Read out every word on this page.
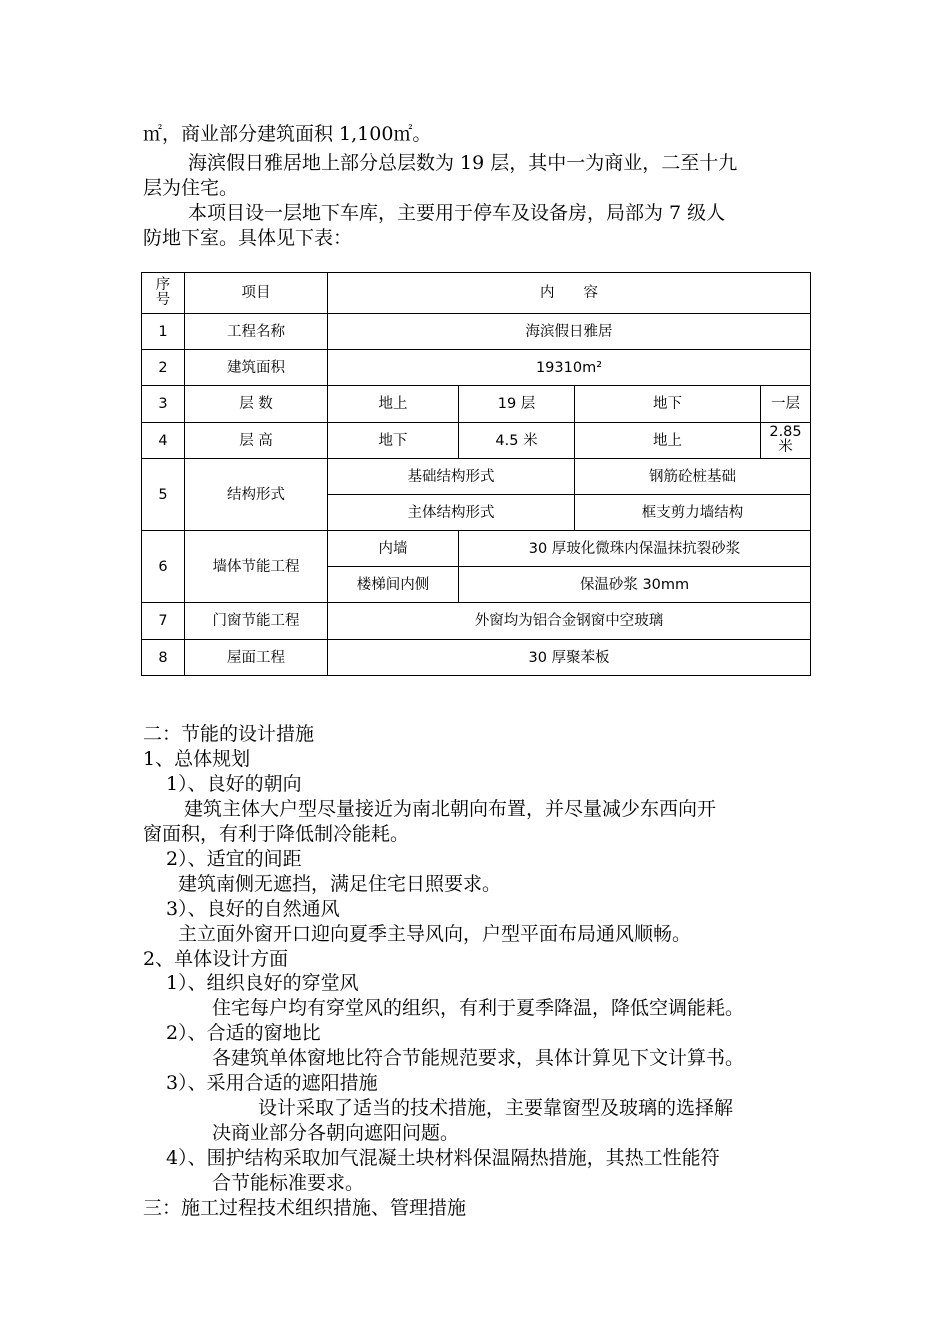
㎡，商业部分建筑面积 1,100㎡。
海滨假日雅居地上部分总层数为 19 层，其中一为商业，二至十九
层为住宅。
本项目设一层地下车库，主要用于停车及设备房，局部为 7 级人
防地下室。具体见下表：
序
号	项目	内　　容			
1	工程名称	海滨假日雅居			
2	建筑面积	19310m²			
3	层 数	地上	19 层	地下	一层
4	层 高	地下	4.5 米	地上	2.85
米
5	结构形式	基础结构形式		钢筋砼桩基础	
		主体结构形式		框支剪力墙结构	
6	墙体节能工程	内墙	30 厚玻化微珠内保温抹抗裂砂浆		
		楼梯间内侧	保温砂浆 30mm		
7	门窗节能工程	外窗均为铝合金钢窗中空玻璃			
8	屋面工程	30 厚聚苯板			
二：节能的设计措施
1、总体规划
1）、良好的朝向
建筑主体大户型尽量接近为南北朝向布置，并尽量减少东西向开
窗面积，有利于降低制冷能耗。
2）、适宜的间距
建筑南侧无遮挡，满足住宅日照要求。
3）、良好的自然通风
主立面外窗开口迎向夏季主导风向，户型平面布局通风顺畅。
2、单体设计方面
1）、组织良好的穿堂风
住宅每户均有穿堂风的组织，有利于夏季降温，降低空调能耗。
2）、合适的窗地比
各建筑单体窗地比符合节能规范要求，具体计算见下文计算书。
3）、采用合适的遮阳措施
设计采取了适当的技术措施，主要靠窗型及玻璃的选择解
决商业部分各朝向遮阳问题。
4）、围护结构采取加气混凝土块材料保温隔热措施，其热工性能符
合节能标准要求。
三：施工过程技术组织措施、管理措施
